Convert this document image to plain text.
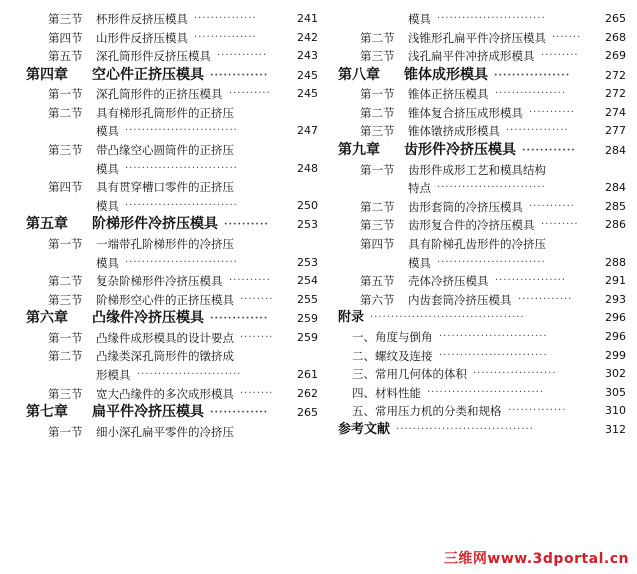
第三节 杯形件反挤压模具 ···············	241
第四节 山形件反挤压模具 ···············	242
第五节 深孔筒形件反挤压模具 ············	243
第四章 空心件正挤压模具 ·············	245
第一节 深孔筒形件的正挤压模具 ·········· 245
第二节 具有梯形孔筒形件的正挤压
模具 ···························	247
第三节 带凸缘空心圆筒件的正挤压
模具 ···························	248
第四节 具有贯穿槽口零件的正挤压
模具 ···························	250
第五章 阶梯形件冷挤压模具 ··········	253
第一节 一端带孔阶梯形件的冷挤压
模具 ···························	253
第二节 复杂阶梯形件冷挤压模具 ·········· 254
第三节 阶梯形空心件的正挤压模具 ········ 255
第六章 凸缘件冷挤压模具 ·············	259
第一节 凸缘件成形模具的设计要点 ········ 259
第二节 凸缘类深孔筒形件的镦挤成
形模具 ·························	261
第三节 宽大凸缘件的多次成形模具 ········ 262
第七章 扁平件冷挤压模具 ·············	265
第一节 细小深孔扁平零件的冷挤压
模具 ··························	265
第二节 浅锥形孔扁平件冷挤压模具 ······· 268
第三节 浅孔扁平件冲挤成形模具 ········· 269
第八章 锥体成形模具 ·················	272
第一节 锥体正挤压模具 ·················	272
第二节 锥体复合挤压成形模具 ···········	274
第三节 锥体镦挤成形模具 ···············	277
第九章 齿形件冷挤压模具 ············	284
第一节 齿形件成形工艺和模具结构
特点 ··························	284
第二节 齿形套筒的冷挤压模具 ···········	285
第三节 齿形复合件的冷挤压模具 ········· 286
第四节 具有阶梯孔齿形件的冷挤压
模具 ··························	288
第五节 壳体冷挤压模具 ·················	291
第六节 内齿套筒冷挤压模具 ·············	293
附录 ·····································	296
一、角度与倒角 ··························	296
二、螺纹及连接 ··························	299
三、常用几何体的体积 ····················	302
四、材料性能 ····························	305
五、常用压力机的分类和规格 ··············	310
参考文献 ·································	312
三维网www.3dportal.cn
